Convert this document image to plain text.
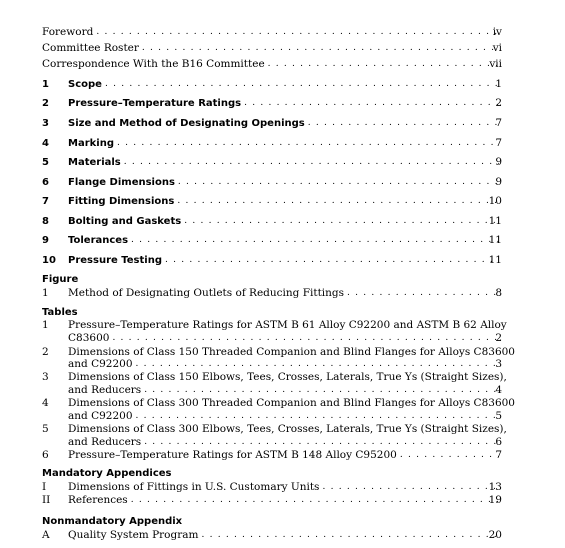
Foreword . . .	iv
Committee Roster . . .	vi
Correspondence With the B16 Committee . . .	vii
1	Scope . . .	1
2	Pressure–Temperature Ratings . . .	2
3	Size and Method of Designating Openings . . .	7
4	Marking . . .	7
5	Materials . . .	9
6	Flange Dimensions . . .	9
7	Fitting Dimensions . . .	10
8	Bolting and Gaskets . . .	11
9	Tolerances . . .	11
10	Pressure Testing . . .	11
Figure
1	Method of Designating Outlets of Reducing Fittings . . .	8
Tables
1 Pressure–Temperature Ratings for ASTM B 61 Alloy C92200 and ASTM B 62 Alloy
C83600 . . .	2
2 Dimensions of Class 150 Threaded Companion and Blind Flanges for Alloys C83600
and C92200 . . .	3
3 Dimensions of Class 150 Elbows, Tees, Crosses, Laterals, True Ys (Straight Sizes),
and Reducers . . .	4
4 Dimensions of Class 300 Threaded Companion and Blind Flanges for Alloys C83600
and C92200 . . .	5
5 Dimensions of Class 300 Elbows, Tees, Crosses, Laterals, True Ys (Straight Sizes),
and Reducers . . .	6
6	Pressure–Temperature Ratings for ASTM B 148 Alloy C95200 . . .	7
Mandatory Appendices
I	Dimensions of Fittings in U.S. Customary Units . . .	13
II	References . . .	19
Nonmandatory Appendix
A	Quality System Program . . .	20
